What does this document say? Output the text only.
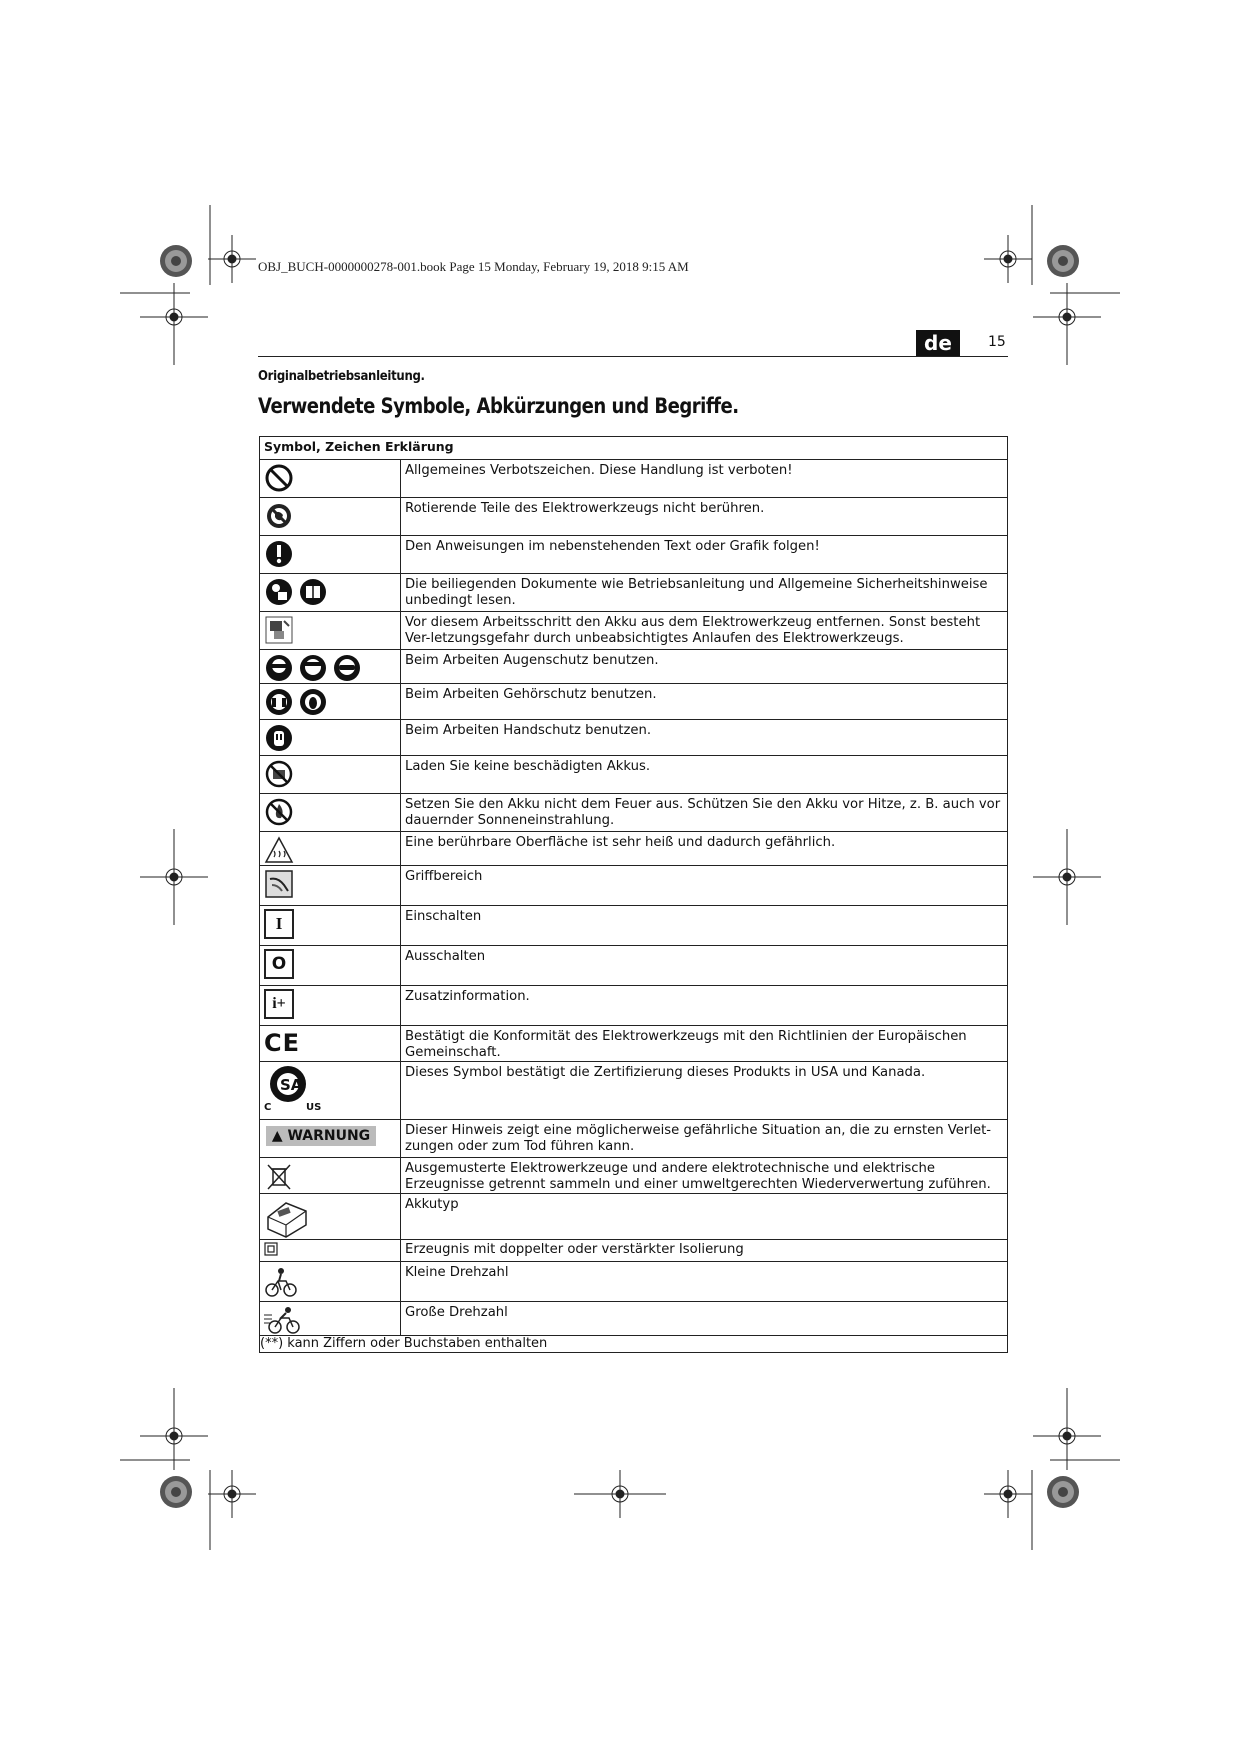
OBJ_BUCH-0000000278-001.book Page 15 Monday, February 19, 2018 9:15 AM
de	15
Originalbetriebsanleitung.
Verwendete Symbole, Abkürzungen und Begriffe.
Symbol, Zeichen Erklärung	

	Allgemeines Verbotszeichen. Diese Handlung ist verboten!

	Rotierende Teile des Elektrowerkzeugs nicht berühren.

	Den Anweisungen im nebenstehenden Text oder Grafik folgen!

	Die beiliegenden Dokumente wie Betriebsanleitung und Allgemeine Sicherheitshinweise unbedingt lesen.

	Vor diesem Arbeitsschritt den Akku aus dem Elektrowerkzeug entfernen. Sonst besteht Ver-letzungsgefahr durch unbeabsichtigtes Anlaufen des Elektrowerkzeugs.

	Beim Arbeiten Augenschutz benutzen.

	Beim Arbeiten Gehörschutz benutzen.

	Beim Arbeiten Handschutz benutzen.

	Laden Sie keine beschädigten Akkus.

	Setzen Sie den Akku nicht dem Feuer aus. Schützen Sie den Akku vor Hitze, z. B. auch vor dauernder Sonneneinstrahlung.

	Eine berührbare Oberfläche ist sehr heiß und dadurch gefährlich.

	Griffbereich

I	Einschalten

O	Ausschalten

i+	Zusatzinformation.

CE	Bestätigt die Konformität des Elektrowerkzeugs mit den Richtlinien der Europäischen Gemeinschaft.

SA
C US	Dieses Symbol bestätigt die Zertifizierung dieses Produkts in USA und Kanada.

▲ WARNUNG	Dieser Hinweis zeigt eine möglicherweise gefährliche Situation an, die zu ernsten Verlet-zungen oder zum Tod führen kann.

	Ausgemusterte Elektrowerkzeuge und andere elektrotechnische und elektrische Erzeugnisse getrennt sammeln und einer umweltgerechten Wiederverwertung zuführen.

	Akkutyp

	Erzeugnis mit doppelter oder verstärkter Isolierung

	Kleine Drehzahl

	Große Drehzahl
(**) kann Ziffern oder Buchstaben enthalten	
